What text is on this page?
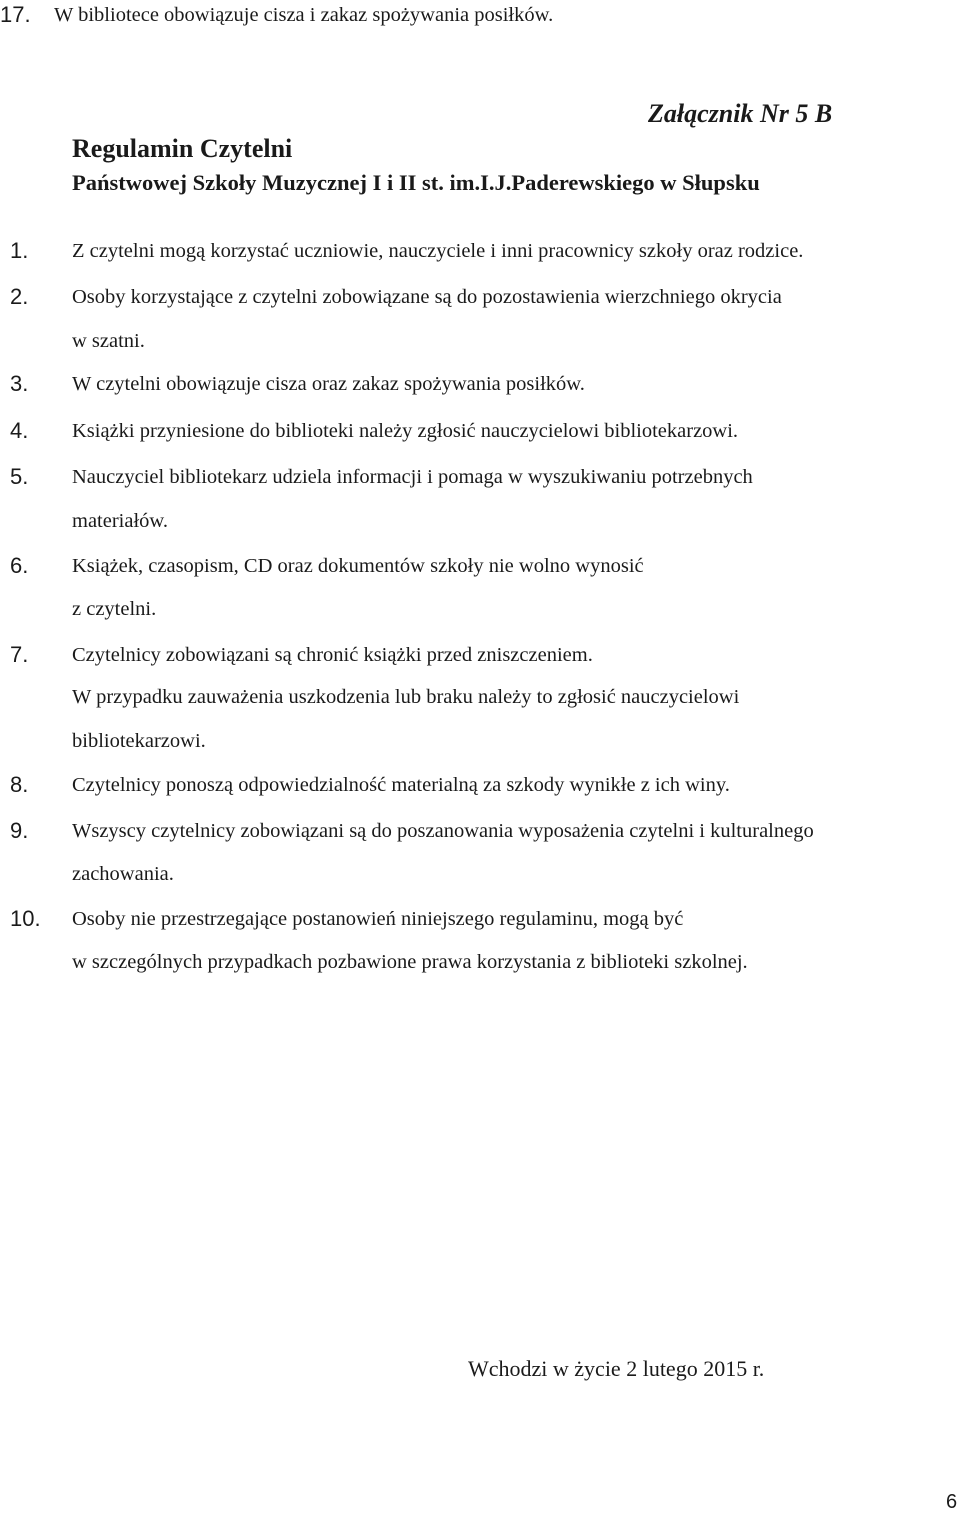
17. W bibliotece obowiązuje cisza i zakaz spożywania posiłków.
Załącznik Nr 5 B
Regulamin Czytelni
Państwowej Szkoły Muzycznej I i II st. im.I.J.Paderewskiego w Słupsku
1. Z czytelni mogą korzystać uczniowie, nauczyciele i inni pracownicy szkoły oraz rodzice.
2. Osoby korzystające z czytelni zobowiązane są do pozostawienia wierzchniego okrycia
w szatni.
3. W czytelni obowiązuje cisza oraz zakaz spożywania posiłków.
4. Książki przyniesione do biblioteki należy zgłosić nauczycielowi bibliotekarzowi.
5. Nauczyciel bibliotekarz udziela informacji i pomaga w wyszukiwaniu potrzebnych
materiałów.
6. Książek, czasopism, CD oraz dokumentów szkoły nie wolno wynosić
z czytelni.
7. Czytelnicy zobowiązani są chronić książki przed zniszczeniem.
W przypadku zauważenia uszkodzenia lub braku należy to zgłosić nauczycielowi
bibliotekarzowi.
8. Czytelnicy ponoszą odpowiedzialność materialną za szkody wynikłe z ich winy.
9. Wszyscy czytelnicy zobowiązani są do poszanowania wyposażenia czytelni i kulturalnego
zachowania.
10. Osoby nie przestrzegające postanowień niniejszego regulaminu, mogą być
w szczególnych przypadkach pozbawione prawa korzystania z biblioteki szkolnej.
Wchodzi w życie 2 lutego 2015 r.
6
